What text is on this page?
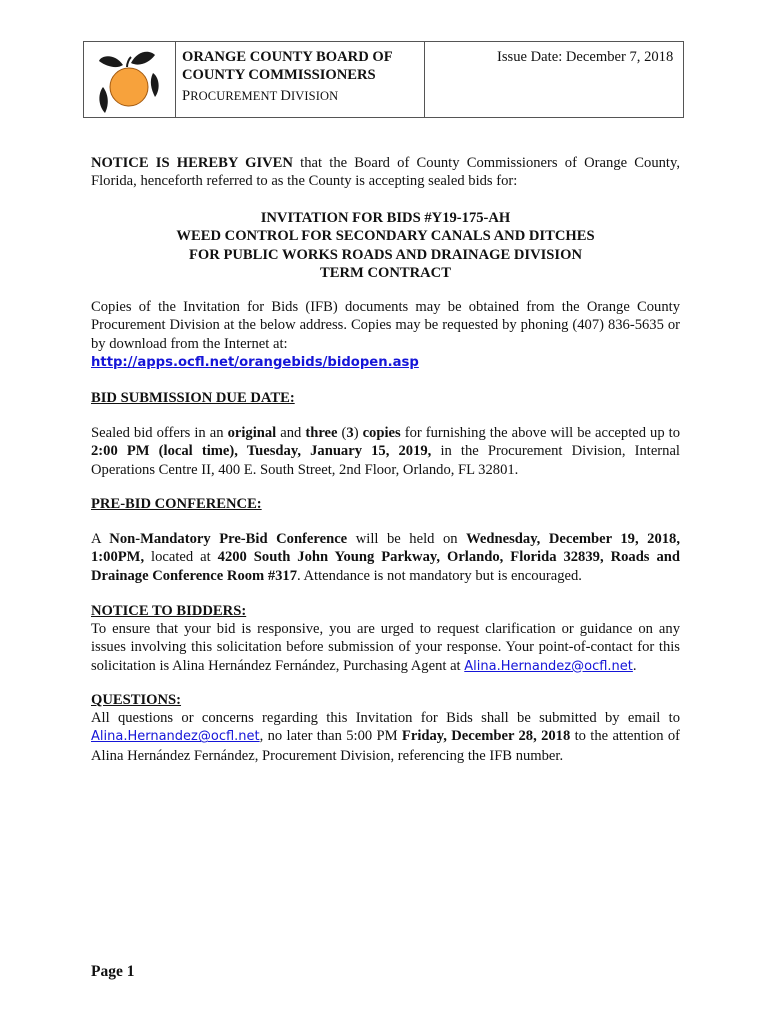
ORANGE COUNTY BOARD OF
COUNTY COMMISSIONERS
PROCUREMENT DIVISION
Issue Date: December 7, 2018
NOTICE IS HEREBY GIVEN that the Board of County Commissioners of Orange County, Florida, henceforth referred to as the County is accepting sealed bids for:
INVITATION FOR BIDS #Y19-175-AH
WEED CONTROL FOR SECONDARY CANALS AND DITCHES
FOR PUBLIC WORKS ROADS AND DRAINAGE DIVISION
TERM CONTRACT
Copies of the Invitation for Bids (IFB) documents may be obtained from the Orange County Procurement Division at the below address. Copies may be requested by phoning (407) 836-5635 or by download from the Internet at:
http://apps.ocfl.net/orangebids/bidopen.asp
BID SUBMISSION DUE DATE:
Sealed bid offers in an original and three (3) copies for furnishing the above will be accepted up to 2:00 PM (local time), Tuesday, January 15, 2019, in the Procurement Division, Internal Operations Centre II, 400 E. South Street, 2nd Floor, Orlando, FL 32801.
PRE-BID CONFERENCE:
A Non-Mandatory Pre-Bid Conference will be held on Wednesday, December 19, 2018, 1:00PM, located at 4200 South John Young Parkway, Orlando, Florida 32839, Roads and Drainage Conference Room #317. Attendance is not mandatory but is encouraged.
NOTICE TO BIDDERS:
To ensure that your bid is responsive, you are urged to request clarification or guidance on any issues involving this solicitation before submission of your response. Your point-of-contact for this solicitation is Alina Hernández Fernández, Purchasing Agent at Alina.Hernandez@ocfl.net.
QUESTIONS:
All questions or concerns regarding this Invitation for Bids shall be submitted by email to Alina.Hernandez@ocfl.net, no later than 5:00 PM Friday, December 28, 2018 to the attention of Alina Hernández Fernández, Procurement Division, referencing the IFB number.
Page 1
